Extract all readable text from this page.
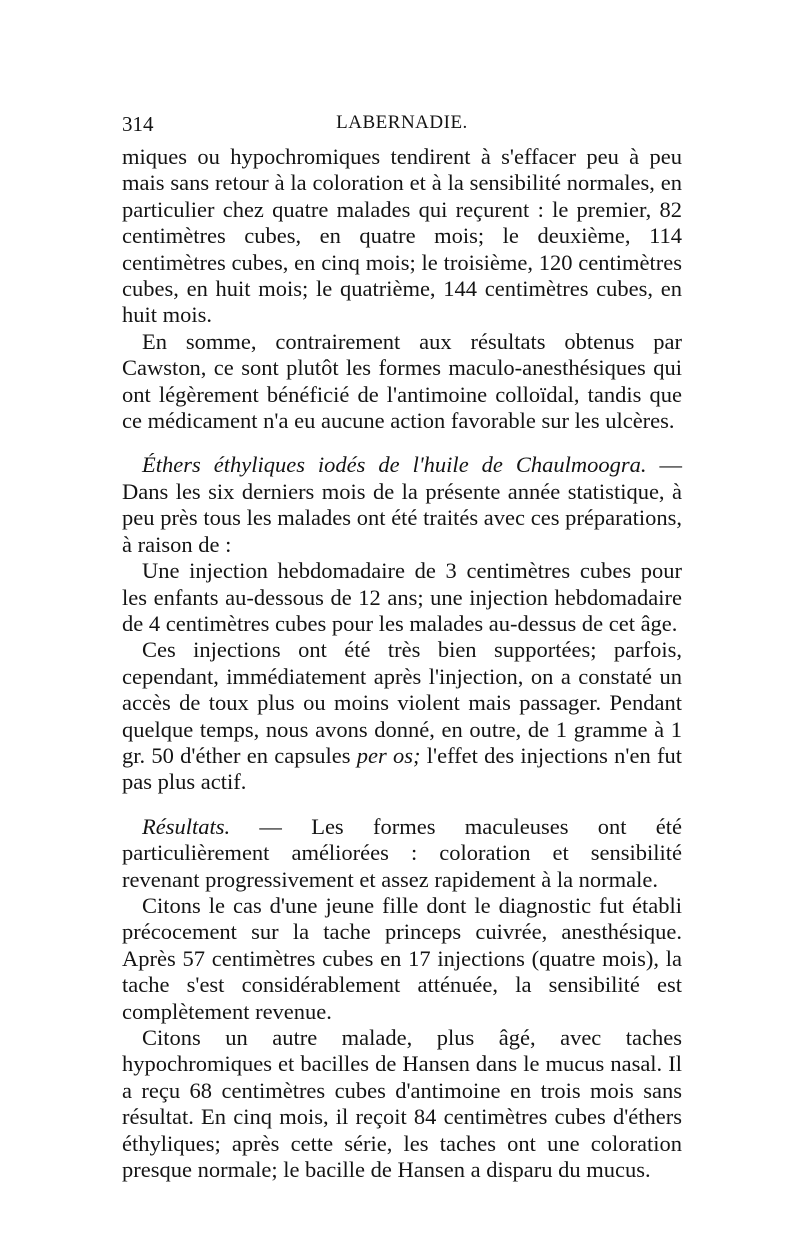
314	LABERNADIE.

miques ou hypochromiques tendirent à s'effacer peu à peu mais sans retour à la coloration et à la sensibilité normales, en particulier chez quatre malades qui reçurent : le premier, 82 centimètres cubes, en quatre mois; le deuxième, 114 centimètres cubes, en cinq mois; le troisième, 120 centimètres cubes, en huit mois; le quatrième, 144 centimètres cubes, en huit mois.

En somme, contrairement aux résultats obtenus par Cawston, ce sont plutôt les formes maculo-anesthésiques qui ont légèrement bénéficié de l'antimoine colloïdal, tandis que ce médicament n'a eu aucune action favorable sur les ulcères.

Éthers éthyliques iodés de l'huile de Chaulmoogra. — Dans les six derniers mois de la présente année statistique, à peu près tous les malades ont été traités avec ces préparations, à raison de :

Une injection hebdomadaire de 3 centimètres cubes pour les enfants au-dessous de 12 ans; une injection hebdomadaire de 4 centimètres cubes pour les malades au-dessus de cet âge.

Ces injections ont été très bien supportées; parfois, cependant, immédiatement après l'injection, on a constaté un accès de toux plus ou moins violent mais passager. Pendant quelque temps, nous avons donné, en outre, de 1 gramme à 1 gr. 50 d'éther en capsules per os; l'effet des injections n'en fut pas plus actif.

Résultats. — Les formes maculeuses ont été particulièrement améliorées : coloration et sensibilité revenant progressivement et assez rapidement à la normale.

Citons le cas d'une jeune fille dont le diagnostic fut établi précocement sur la tache princeps cuivrée, anesthésique. Après 57 centimètres cubes en 17 injections (quatre mois), la tache s'est considérablement atténuée, la sensibilité est complètement revenue.

Citons un autre malade, plus âgé, avec taches hypochromiques et bacilles de Hansen dans le mucus nasal. Il a reçu 68 centimètres cubes d'antimoine en trois mois sans résultat. En cinq mois, il reçoit 84 centimètres cubes d'éthers éthyliques; après cette série, les taches ont une coloration presque normale; le bacille de Hansen a disparu du mucus.
